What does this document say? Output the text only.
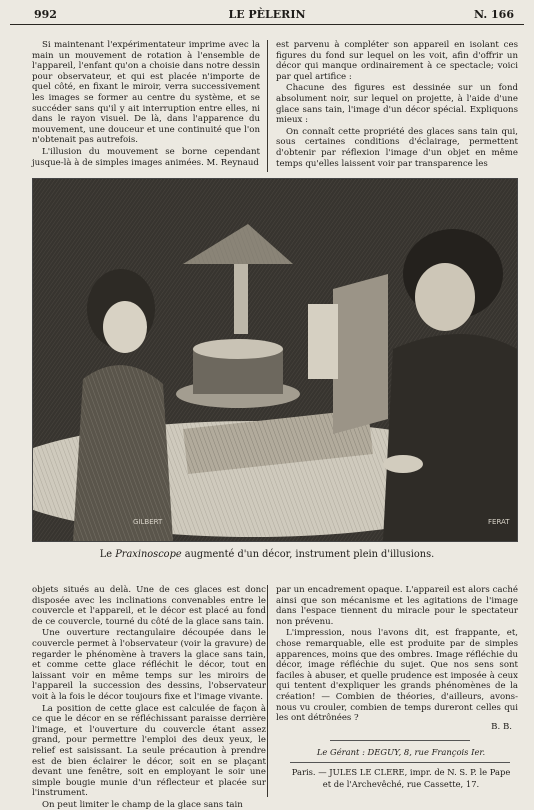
992	LE PÈLERIN	N. 166

Si maintenant l'expérimentateur imprime avec la main un mouvement de rotation à l'ensemble de l'appareil, l'enfant qu'on a choisie dans notre dessin pour observateur, et qui est placée n'importe de quel côté, en fixant le miroir, verra successivement les images se former au centre du système, et se succéder sans qu'il y ait interruption entre elles, ni dans le rayon visuel. De là, dans l'apparence du mouvement, une douceur et une continuité que l'on n'obtenait pas autrefois.

L'illusion du mouvement se borne cependant jusque-là à de simples images animées. M. Reynaud

est parvenu à compléter son appareil en isolant ces figures du fond sur lequel on les voit, afin d'offrir un décor qui manque ordinairement à ce spectacle; voici par quel artifice :

Chacune des figures est dessinée sur un fond absolument noir, sur lequel on projette, à l'aide d'une glace sans tain, l'image d'un décor spécial. Expliquons mieux :

On connaît cette propriété des glaces sans tain qui, sous certaines conditions d'éclairage, permettent d'obtenir par réflexion l'image d'un objet en même temps qu'elles laissent voir par transparence les

GILBERT	FERAT
Le Praxinoscope augmenté d'un décor, instrument plein d'illusions.

objets situés au delà. Une de ces glaces est donc disposée avec les inclinations convenables entre le couvercle et l'appareil, et le décor est placé au fond de ce couvercle, tourné du côté de la glace sans tain.

Une ouverture rectangulaire découpée dans le couvercle permet à l'observateur (voir la gravure) de regarder le phénomène à travers la glace sans tain, et comme cette glace réfléchit le décor, tout en laissant voir en même temps sur les miroirs de l'appareil la succession des dessins, l'observateur voit à la fois le décor toujours fixe et l'image vivante.

La position de cette glace est calculée de façon à ce que le décor en se réfléchissant paraisse derrière l'image, et l'ouverture du couvercle étant assez grand, pour permettre l'emploi des deux yeux, le relief est saisissant. La seule précaution à prendre est de bien éclairer le décor, soit en se plaçant devant une fenêtre, soit en employant le soir une simple bougie munie d'un réflecteur et placée sur l'instrument.

On peut limiter le champ de la glace sans tain

par un encadrement opaque. L'appareil est alors caché ainsi que son mécanisme et les agitations de l'image dans l'espace tiennent du miracle pour le spectateur non prévenu.

L'impression, nous l'avons dit, est frappante, et, chose remarquable, elle est produite par de simples apparences, moins que des ombres. Image réfléchie du décor, image réfléchie du sujet. Que nos sens sont faciles à abuser, et quelle prudence est imposée à ceux qui tentent d'expliquer les grands phénomènes de la création! — Combien de théories, d'ailleurs, avons-nous vu crouler, combien de temps dureront celles qui les ont détrônées ?

B. B.
Le Gérant : DEGUY, 8, rue François Ier.
Paris. — JULES LE CLERE, impr. de N. S. P. le Pape
et de l'Archevêché, rue Cassette, 17.
